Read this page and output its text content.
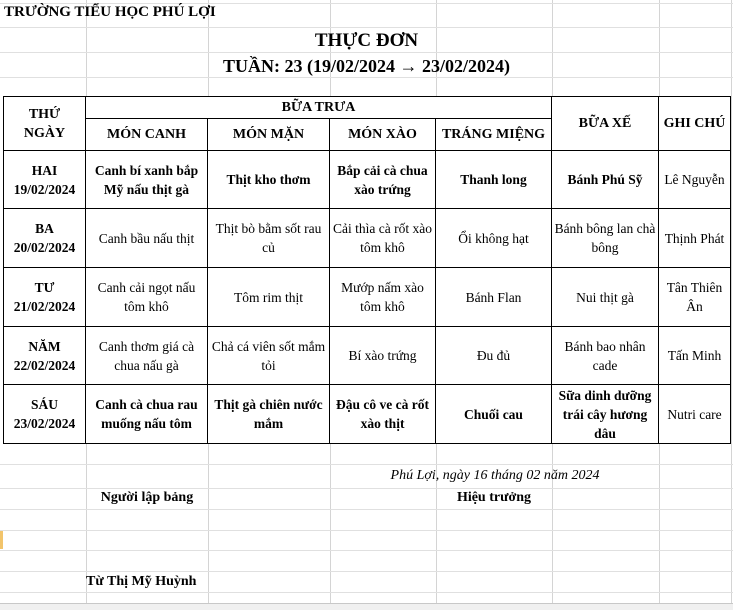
TRƯỜNG TIỂU HỌC PHÚ LỢI
THỰC ĐƠN
TUẦN: 23 (19/02/2024 → 23/02/2024)
THỨ
NGÀY	BỮA TRƯA				BỮA XẾ	GHI CHÚ
	MÓN CANH	MÓN MẶN	MÓN XÀO	TRÁNG MIỆNG		
HAI
19/02/2024	Canh bí xanh bắp Mỹ nấu thịt gà	Thịt kho thơm	Bắp cải cà chua xào trứng	Thanh long	Bánh Phú Sỹ	Lê Nguyễn
BA
20/02/2024	Canh bầu nấu thịt	Thịt bò bằm sốt rau củ	Cải thìa cà rốt xào tôm khô	Ổi không hạt	Bánh bông lan chà bông	Thịnh Phát
TƯ
21/02/2024	Canh cải ngọt nấu tôm khô	Tôm rim thịt	Mướp nấm xào tôm khô	Bánh Flan	Nui thịt gà	Tân Thiên Ân
NĂM
22/02/2024	Canh thơm giá cà chua nấu gà	Chả cá viên sốt mắm tỏi	Bí xào trứng	Đu đủ	Bánh bao nhân cade	Tấn Minh
SÁU
23/02/2024	Canh cà chua rau muống nấu tôm	Thịt gà chiên nước mắm	Đậu cô ve cà rốt xào thịt	Chuối cau	Sữa dinh dưỡng trái cây hương dâu	Nutri care
Phú Lợi, ngày 16 tháng 02 năm 2024
Người lập bảng	Hiệu trưởng
Từ Thị Mỹ Huỳnh
